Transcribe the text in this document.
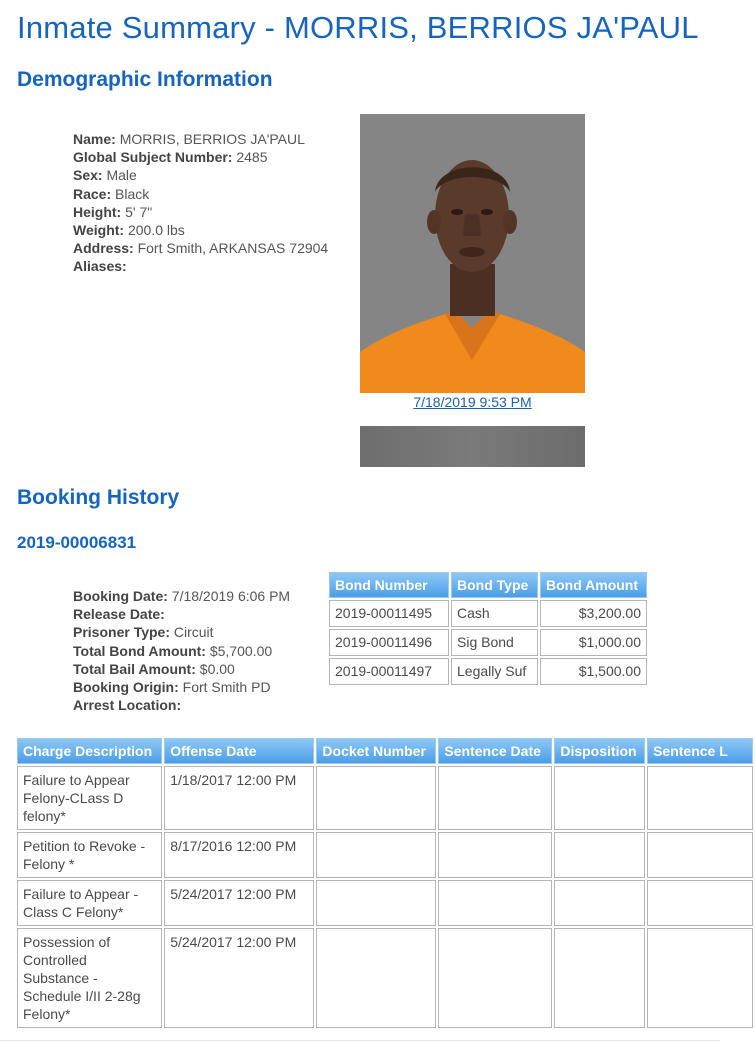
Inmate Summary - MORRIS, BERRIOS JA'PAUL
Demographic Information
Name: MORRIS, BERRIOS JA'PAUL
Global Subject Number: 2485
Sex: Male
Race: Black
Height: 5' 7"
Weight: 200.0 lbs
Address: Fort Smith, ARKANSAS 72904
Aliases:
7/18/2019 9:53 PM
Booking History
2019-00006831
Booking Date: 7/18/2019 6:06 PM
Release Date:
Prisoner Type: Circuit
Total Bond Amount: $5,700.00
Total Bail Amount: $0.00
Booking Origin: Fort Smith PD
Arrest Location:
Bond Number	Bond Type	Bond Amount
2019-00011495	Cash	$3,200.00
2019-00011496	Sig Bond	$1,000.00
2019-00011497	Legally Suf	$1,500.00
Charge Description	Offense Date	Docket Number	Sentence Date	Disposition	Sentence L
Failure to Appear Felony-CLass D felony*	1/18/2017 12:00 PM				
Petition to Revoke - Felony *	8/17/2016 12:00 PM				
Failure to Appear - Class C Felony*	5/24/2017 12:00 PM				
Possession of Controlled Substance - Schedule I/II 2-28g Felony*	5/24/2017 12:00 PM				
